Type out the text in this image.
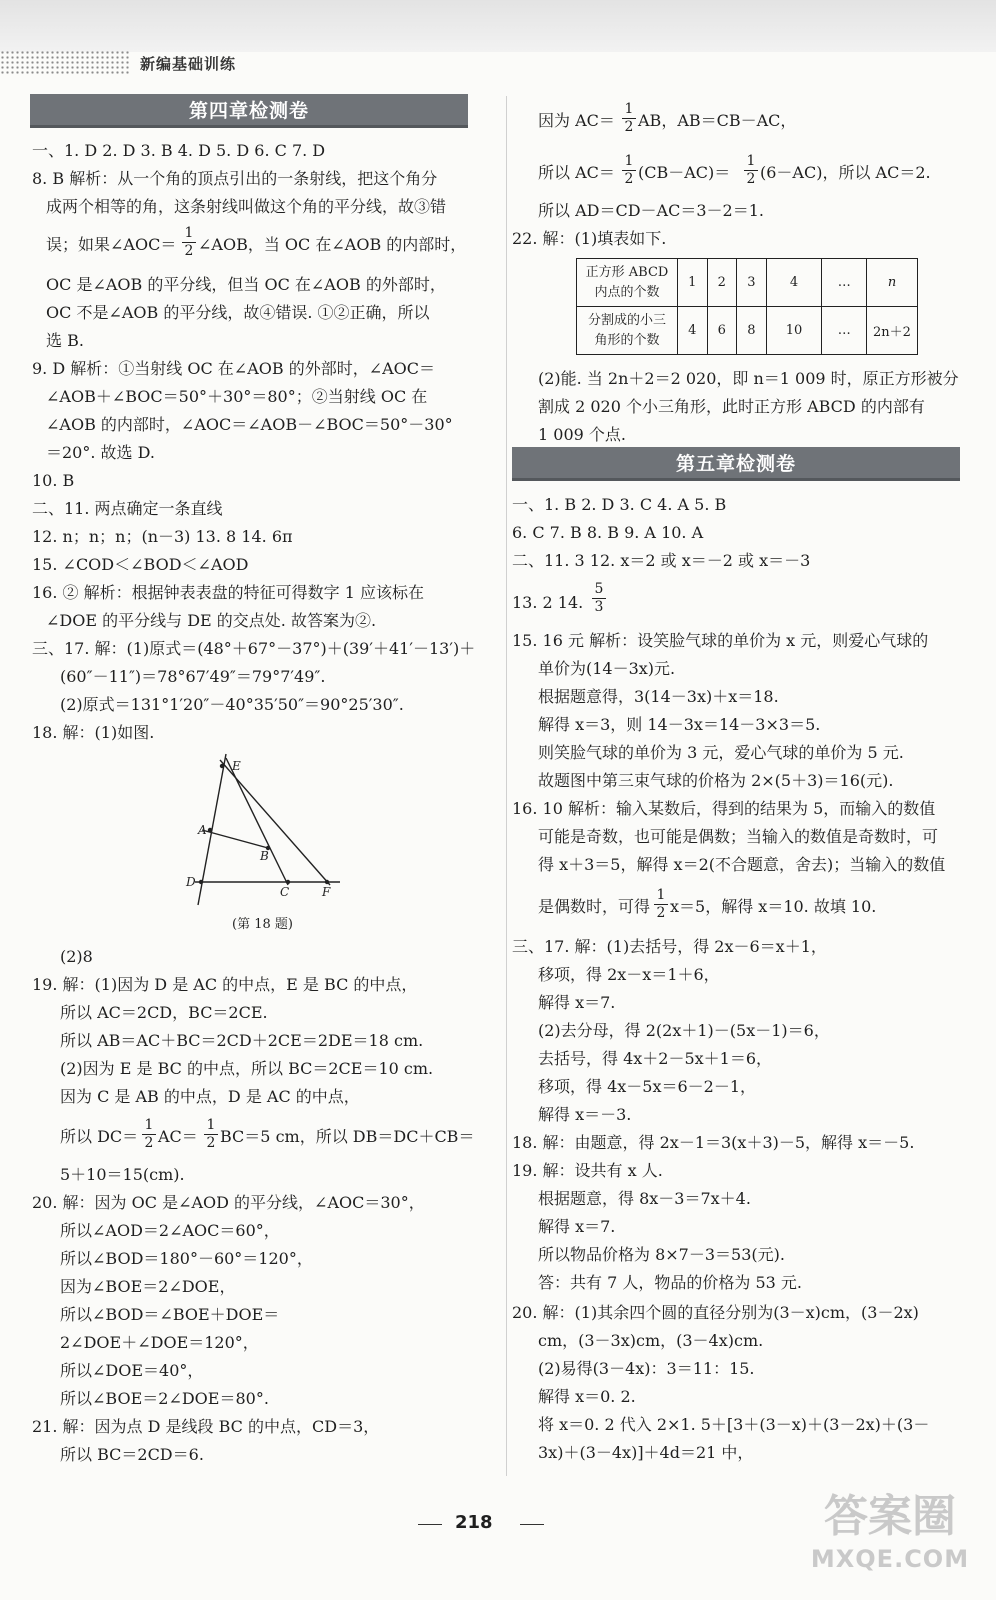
新编基础训练
第四章检测卷
第五章检测卷
一、1. D 2. D 3. B 4. D 5. D 6. C 7. D
8. B 解析：从一个角的顶点引出的一条射线，把这个角分
成两个相等的角，这条射线叫做这个角的平分线，故③错
误；如果∠AOC＝
1
2 ∠AOB，当 OC 在∠AOB 的内部时，
OC 是∠AOB 的平分线，但当 OC 在∠AOB 的外部时，
OC 不是∠AOB 的平分线，故④错误. ①②正确，所以
选 B.
9. D 解析：①当射线 OC 在∠AOB 的外部时，∠AOC＝
∠AOB＋∠BOC＝50°＋30°＝80°；②当射线 OC 在
∠AOB 的内部时，∠AOC＝∠AOB－∠BOC＝50°－30°
＝20°. 故选 D.
10. B
二、11. 两点确定一条直线
12. n；n；n；(n－3) 13. 8 14. 6π
15. ∠COD＜∠BOD＜∠AOD
16. ② 解析：根据钟表表盘的特征可得数字 1 应该标在
∠DOE 的平分线与 DE 的交点处. 故答案为②.
三、17. 解：(1)原式＝(48°＋67°－37°)＋(39′＋41′－13′)＋
(60″－11″)＝78°67′49″＝79°7′49″.
(2)原式＝131°1′20″－40°35′50″＝90°25′30″.
18. 解：(1)如图.
E
A
B
D
C	F
(第 18 题)
(2)8
19. 解：(1)因为 D 是 AC 的中点，E 是 BC 的中点，
所以 AC＝2CD，BC＝2CE.
所以 AB＝AC＋BC＝2CD＋2CE＝2DE＝18 cm.
(2)因为 E 是 BC 的中点，所以 BC＝2CE＝10 cm.
因为 C 是 AB 的中点，D 是 AC 的中点，
所以 DC＝
1
2 AC＝
1
2 BC＝5 cm，所以 DB＝DC＋CB＝
5＋10＝15(cm).
20. 解：因为 OC 是∠AOD 的平分线，∠AOC＝30°，
所以∠AOD＝2∠AOC＝60°，
所以∠BOD＝180°－60°＝120°，
因为∠BOE＝2∠DOE，
所以∠BOD＝∠BOE＋DOE＝
2∠DOE＋∠DOE＝120°，
所以∠DOE＝40°，
所以∠BOE＝2∠DOE＝80°.
21. 解：因为点 D 是线段 BC 的中点，CD＝3，
所以 BC＝2CD＝6.
因为 AC＝
1
2 AB，AB＝CB－AC，
所以 AC＝
1
2 (CB－AC)＝
1
2 (6－AC)，所以 AC＝2.
所以 AD＝CD－AC＝3－2＝1.
22. 解：(1)填表如下.
正方形 ABCD
内点的个数	1	2	3	4	…	n

分割成的小三
角形的个数	4	6	8	10	…	2n＋2
(2)能. 当 2n＋2＝2 020，即 n＝1 009 时，原正方形被分
割成 2 020 个小三角形，此时正方形 ABCD 的内部有
1 009 个点.
一、1. B 2. D 3. C 4. A 5. B
6. C 7. B 8. B 9. A 10. A
二、11. 3 12. x＝2 或 x＝－2 或 x＝－3
13. 2 14.
5
3
15. 16 元 解析：设笑脸气球的单价为 x 元，则爱心气球的
单价为(14－3x)元.
根据题意得，3(14－3x)＋x＝18.
解得 x＝3，则 14－3x＝14－3×3＝5.
则笑脸气球的单价为 3 元，爱心气球的单价为 5 元.
故题图中第三束气球的价格为 2×(5＋3)＝16(元).
16. 10 解析：输入某数后，得到的结果为 5，而输入的数值
可能是奇数，也可能是偶数；当输入的数值是奇数时，可
得 x＋3＝5，解得 x＝2(不合题意，舍去)；当输入的数值
是偶数时，可得
1
2 x＝5，解得 x＝10. 故填 10.
三、17. 解：(1)去括号，得 2x－6＝x＋1，
移项，得 2x－x＝1＋6，
解得 x＝7.
(2)去分母，得 2(2x＋1)－(5x－1)＝6，
去括号，得 4x＋2－5x＋1＝6，
移项，得 4x－5x＝6－2－1，
解得 x＝－3.
18. 解：由题意，得 2x－1＝3(x＋3)－5，解得 x＝－5.
19. 解：设共有 x 人.
根据题意，得 8x－3＝7x＋4.
解得 x＝7.
所以物品价格为 8×7－3＝53(元).
答：共有 7 人，物品的价格为 53 元.
20. 解：(1)其余四个圆的直径分别为(3－x)cm，(3－2x)
cm，(3－3x)cm，(3－4x)cm.
(2)易得(3－4x)：3＝11：15.
解得 x＝0. 2.
将 x＝0. 2 代入 2×1. 5＋[3＋(3－x)＋(3－2x)＋(3－
3x)＋(3－4x)]＋4d＝21 中，
218	答案圈
MXQE.COM
